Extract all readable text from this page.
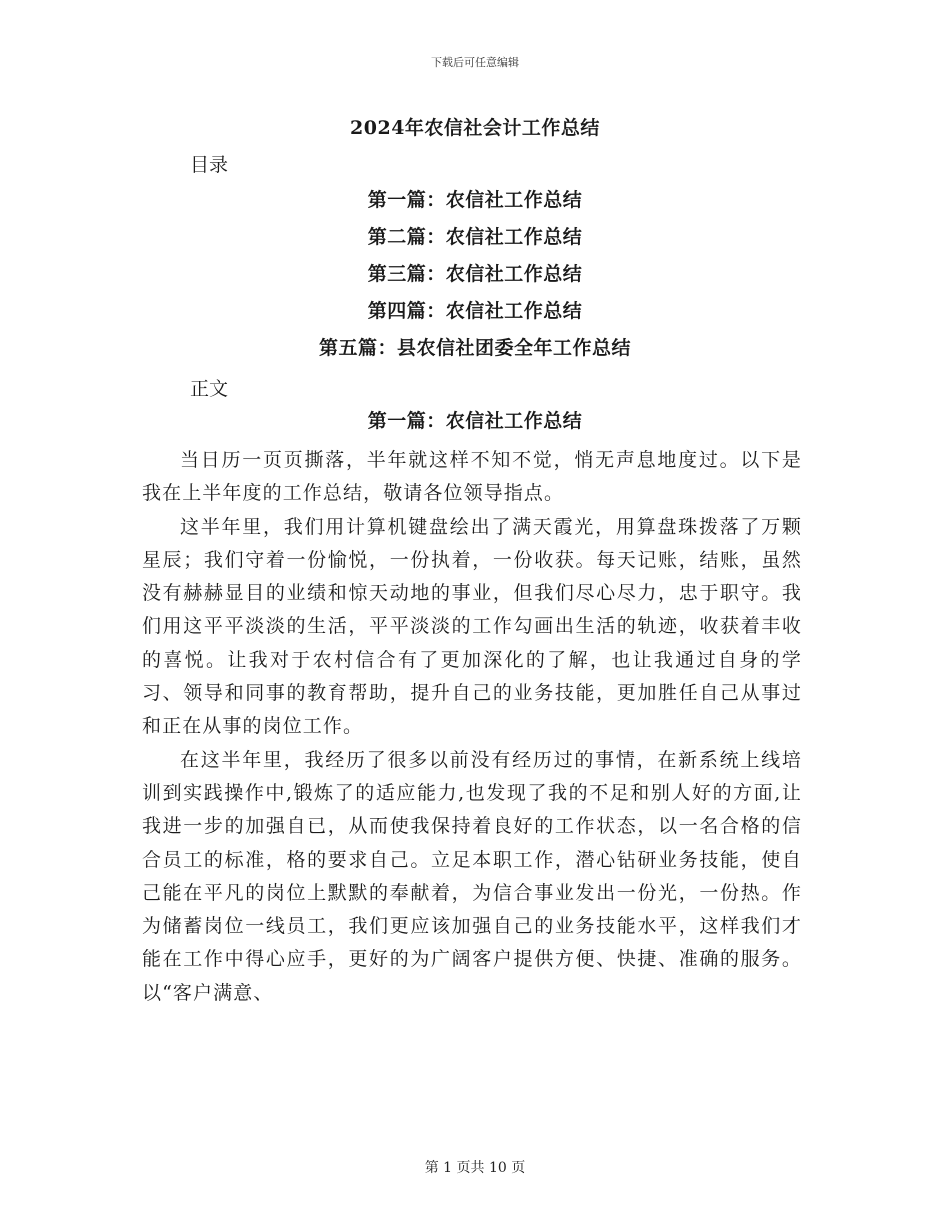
下载后可任意编辑
2024年农信社会计工作总结
目录
第一篇：农信社工作总结
第二篇：农信社工作总结
第三篇：农信社工作总结
第四篇：农信社工作总结
第五篇：县农信社团委全年工作总结
正文
第一篇：农信社工作总结

当日历一页页撕落，半年就这样不知不觉，悄无声息地度过。以下是我在上半年度的工作总结，敬请各位领导指点。

这半年里，我们用计算机键盘绘出了满天霞光，用算盘珠拨落了万颗星辰；我们守着一份愉悦，一份执着，一份收获。每天记账，结账，虽然没有赫赫显目的业绩和惊天动地的事业，但我们尽心尽力，忠于职守。我们用这平平淡淡的生活，平平淡淡的工作勾画出生活的轨迹，收获着丰收的喜悦。让我对于农村信合有了更加深化的了解，也让我通过自身的学习、领导和同事的教育帮助，提升自己的业务技能，更加胜任自己从事过和正在从事的岗位工作。

在这半年里，我经历了很多以前没有经历过的事情，在新系统上线培训到实践操作中,锻炼了的适应能力,也发现了我的不足和别人好的方面,让我进一步的加强自已，从而使我保持着良好的工作状态，以一名合格的信合员工的标准，格的要求自己。立足本职工作，潜心钻研业务技能，使自己能在平凡的岗位上默默的奉献着，为信合事业发出一份光，一份热。作为储蓄岗位一线员工，我们更应该加强自己的业务技能水平，这样我们才能在工作中得心应手，更好的为广阔客户提供方便、快捷、准确的服务。以“客户满意、

第 1 页共 10 页
